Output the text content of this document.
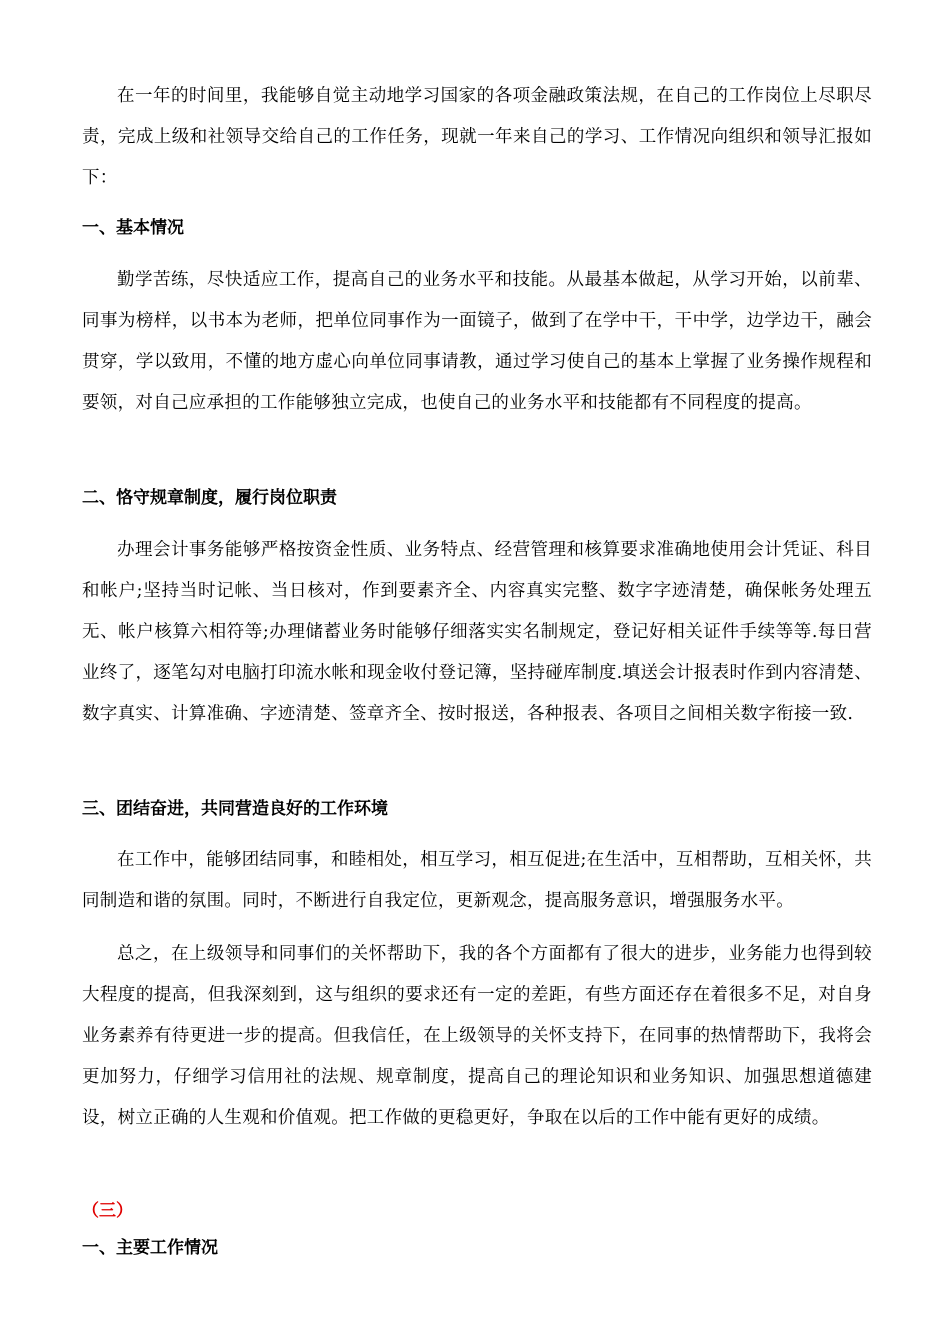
在一年的时间里，我能够自觉主动地学习国家的各项金融政策法规，在自己的工作岗位上尽职尽责，完成上级和社领导交给自己的工作任务，现就一年来自己的学习、工作情况向组织和领导汇报如下：

一、基本情况

勤学苦练，尽快适应工作，提高自己的业务水平和技能。从最基本做起，从学习开始，以前辈、同事为榜样，以书本为老师，把单位同事作为一面镜子，做到了在学中干，干中学，边学边干，融会贯穿，学以致用，不懂的地方虚心向单位同事请教，通过学习使自己的基本上掌握了业务操作规程和要领，对自己应承担的工作能够独立完成，也使自己的业务水平和技能都有不同程度的提高。

二、恪守规章制度，履行岗位职责

办理会计事务能够严格按资金性质、业务特点、经营管理和核算要求准确地使用会计凭证、科目和帐户;坚持当时记帐、当日核对，作到要素齐全、内容真实完整、数字字迹清楚，确保帐务处理五无、帐户核算六相符等;办理储蓄业务时能够仔细落实实名制规定，登记好相关证件手续等等.每日营业终了，逐笔勾对电脑打印流水帐和现金收付登记簿，坚持碰库制度.填送会计报表时作到内容清楚、数字真实、计算准确、字迹清楚、签章齐全、按时报送，各种报表、各项目之间相关数字衔接一致.

三、团结奋进，共同营造良好的工作环境

在工作中，能够团结同事，和睦相处，相互学习，相互促进;在生活中，互相帮助，互相关怀，共同制造和谐的氛围。同时，不断进行自我定位，更新观念，提高服务意识，增强服务水平。

总之，在上级领导和同事们的关怀帮助下，我的各个方面都有了很大的进步，业务能力也得到较大程度的提高，但我深刻到，这与组织的要求还有一定的差距，有些方面还存在着很多不足，对自身业务素养有待更进一步的提高。但我信任，在上级领导的关怀支持下，在同事的热情帮助下，我将会更加努力，仔细学习信用社的法规、规章制度，提高自己的理论知识和业务知识、加强思想道德建设，树立正确的人生观和价值观。把工作做的更稳更好，争取在以后的工作中能有更好的成绩。

（三）
一、主要工作情况
